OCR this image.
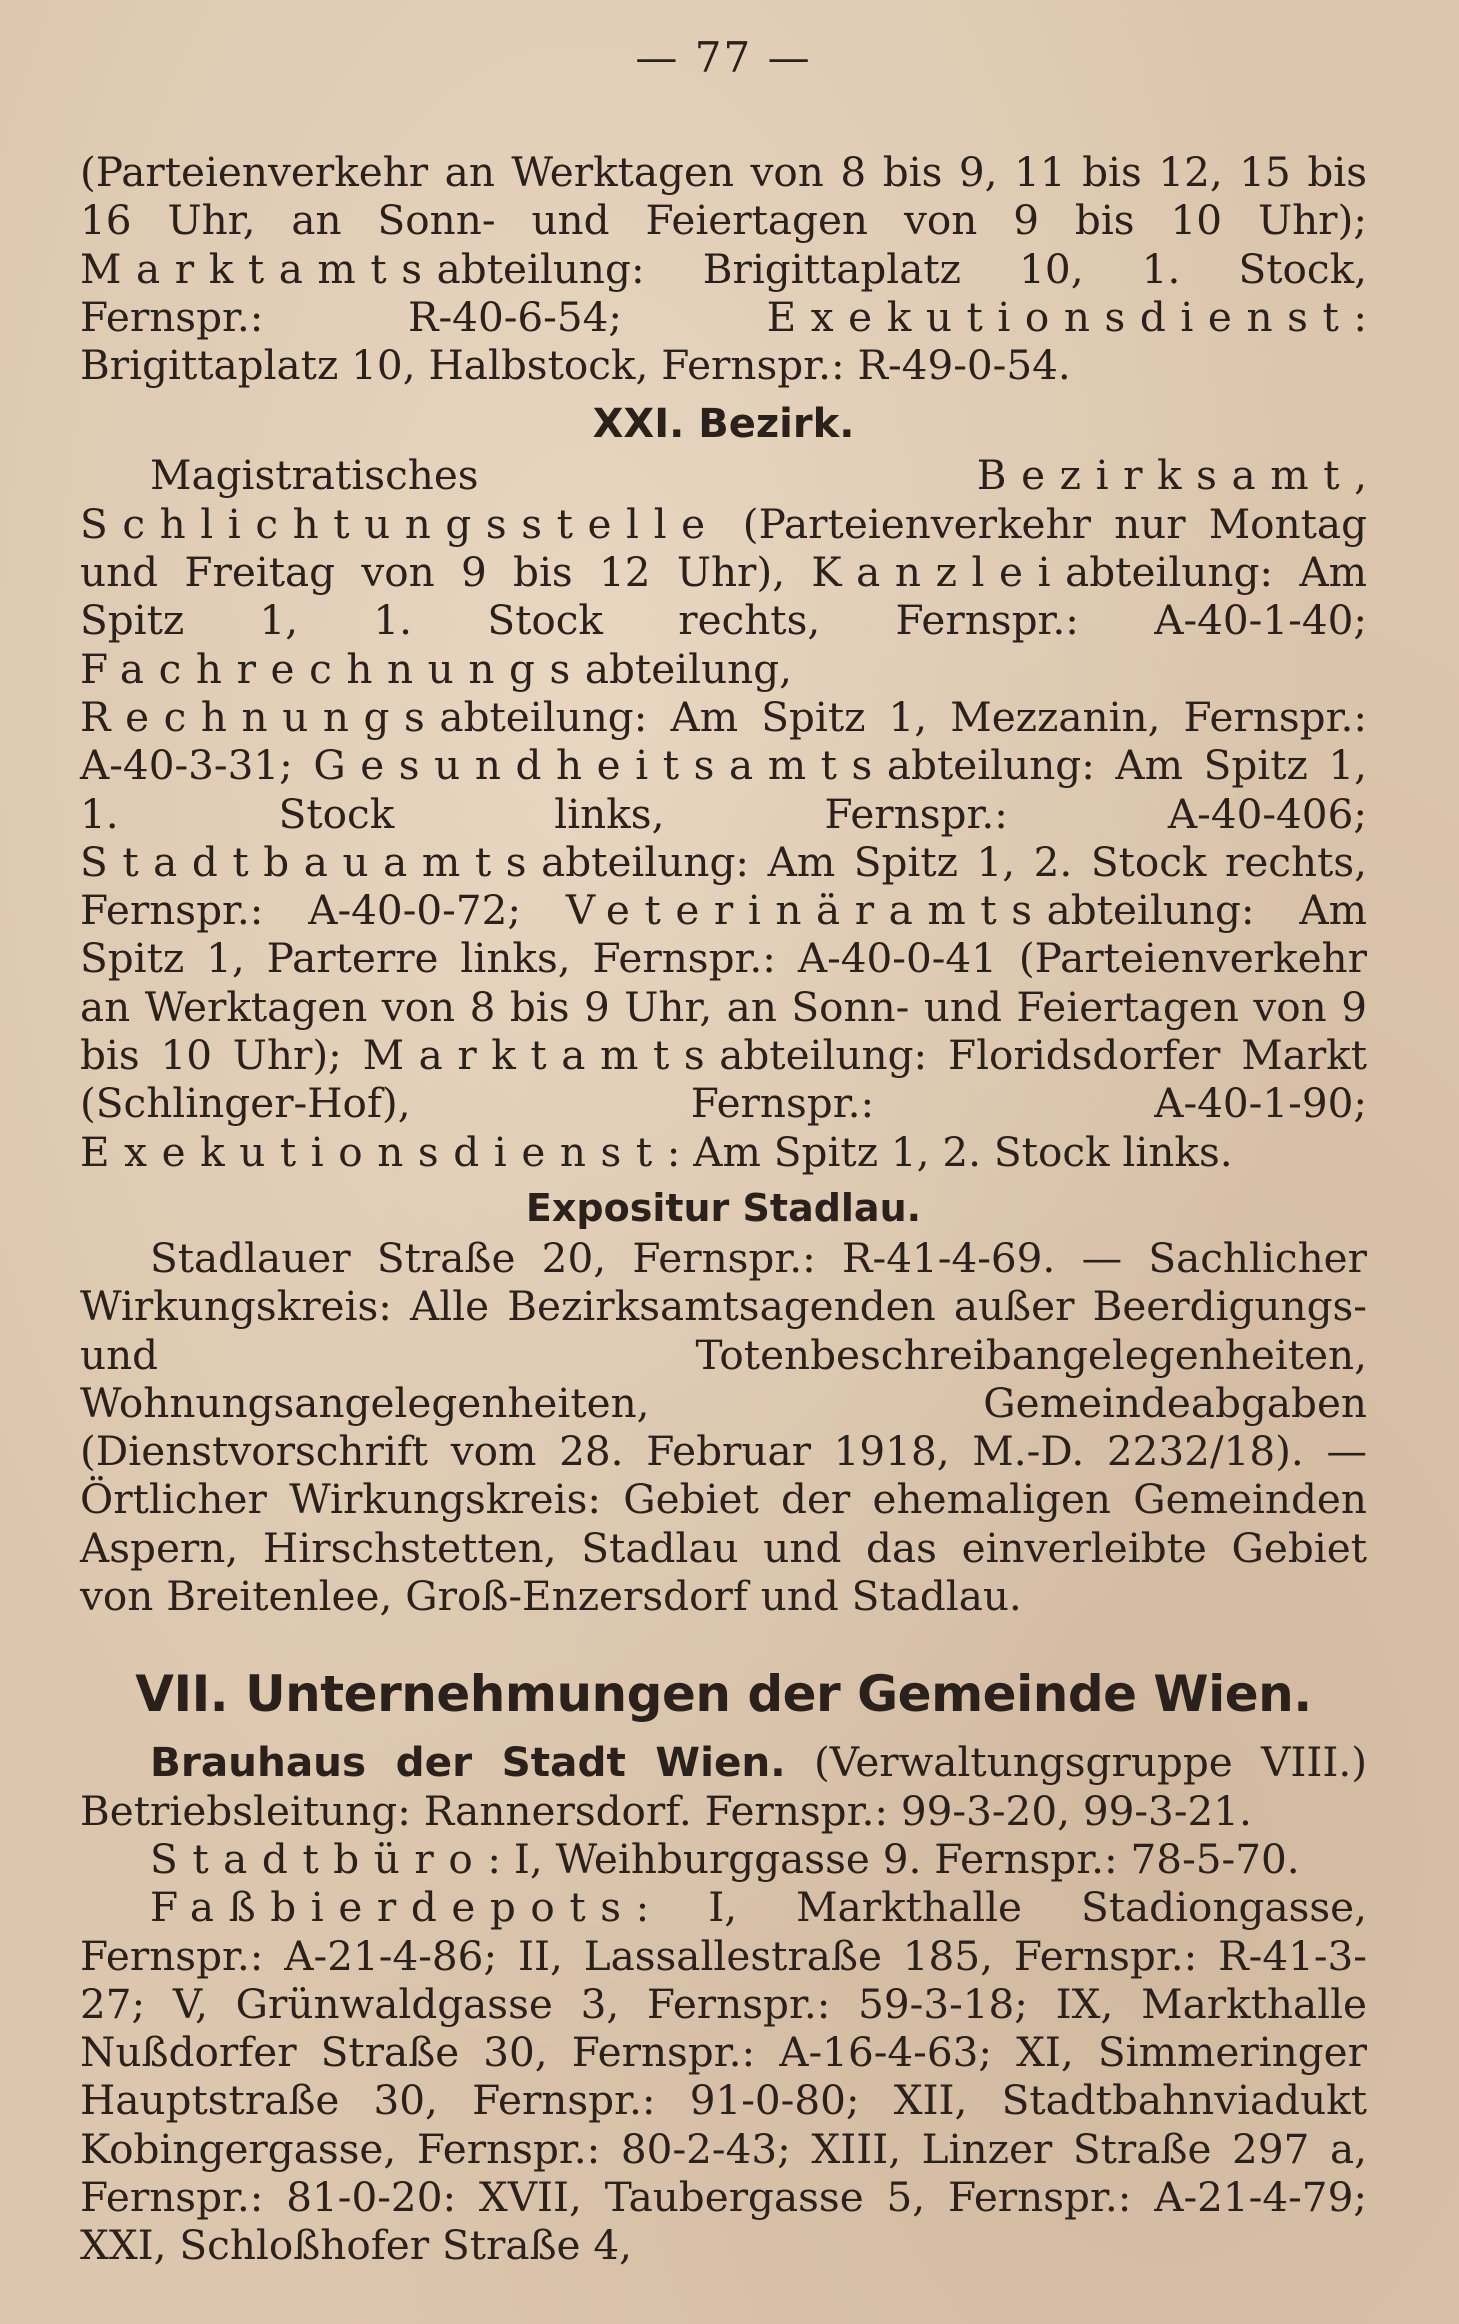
— 77 —

(Parteienverkehr an Werktagen von 8 bis 9, 11 bis 12, 15 bis 16 Uhr, an Sonn- und Feiertagen von 9 bis 10 Uhr); Marktamtsabteilung: Brigittaplatz 10, 1. Stock, Fernspr.: R-40-6-54; Exekutionsdienst: Brigittaplatz 10, Halbstock, Fernspr.: R-49-0-54.

XXI. Bezirk.

Magistratisches Bezirksamt, Schlichtungsstelle (Parteienverkehr nur Montag und Freitag von 9 bis 12 Uhr), Kanzleiabteilung: Am Spitz 1, 1. Stock rechts, Fernspr.: A-40-1-40; Fachrechnungsabteilung, Rechnungsabteilung: Am Spitz 1, Mezzanin, Fernspr.: A-40-3-31; Gesundheitsamtsabteilung: Am Spitz 1, 1. Stock links, Fernspr.: A-40-406; Stadtbauamtsabteilung: Am Spitz 1, 2. Stock rechts, Fernspr.: A-40-0-72; Veterinäramtsabteilung: Am Spitz 1, Parterre links, Fernspr.: A-40-0-41 (Parteienverkehr an Werktagen von 8 bis 9 Uhr, an Sonn- und Feiertagen von 9 bis 10 Uhr); Marktamtsabteilung: Floridsdorfer Markt (Schlinger-Hof), Fernspr.: A-40-1-90; Exekutionsdienst: Am Spitz 1, 2. Stock links.

Expositur Stadlau.

Stadlauer Straße 20, Fernspr.: R-41-4-69. — Sachlicher Wirkungskreis: Alle Bezirksamtsagenden außer Beerdigungs- und Totenbeschreibangelegenheiten, Wohnungsangelegenheiten, Gemeindeabgaben (Dienstvorschrift vom 28. Februar 1918, M.-D. 2232/18). — Örtlicher Wirkungskreis: Gebiet der ehemaligen Gemeinden Aspern, Hirschstetten, Stadlau und das einverleibte Gebiet von Breitenlee, Groß-Enzersdorf und Stadlau.

VII. Unternehmungen der Gemeinde Wien.

Brauhaus der Stadt Wien. (Verwaltungsgruppe VIII.) Betriebsleitung: Rannersdorf. Fernspr.: 99-3-20, 99-3-21.

Stadtbüro: I, Weihburggasse 9. Fernspr.: 78-5-70.

Faßbierdepots: I, Markthalle Stadiongasse, Fernspr.: A-21-4-86; II, Lassallestraße 185, Fernspr.: R-41-3-27; V, Grünwaldgasse 3, Fernspr.: 59-3-18; IX, Markthalle Nußdorfer Straße 30, Fernspr.: A-16-4-63; XI, Simmeringer Hauptstraße 30, Fernspr.: 91-0-80; XII, Stadtbahnviadukt Kobingergasse, Fernspr.: 80-2-43; XIII, Linzer Straße 297 a, Fernspr.: 81-0-20: XVII, Taubergasse 5, Fernspr.: A-21-4-79; XXI, Schloßhofer Straße 4,
